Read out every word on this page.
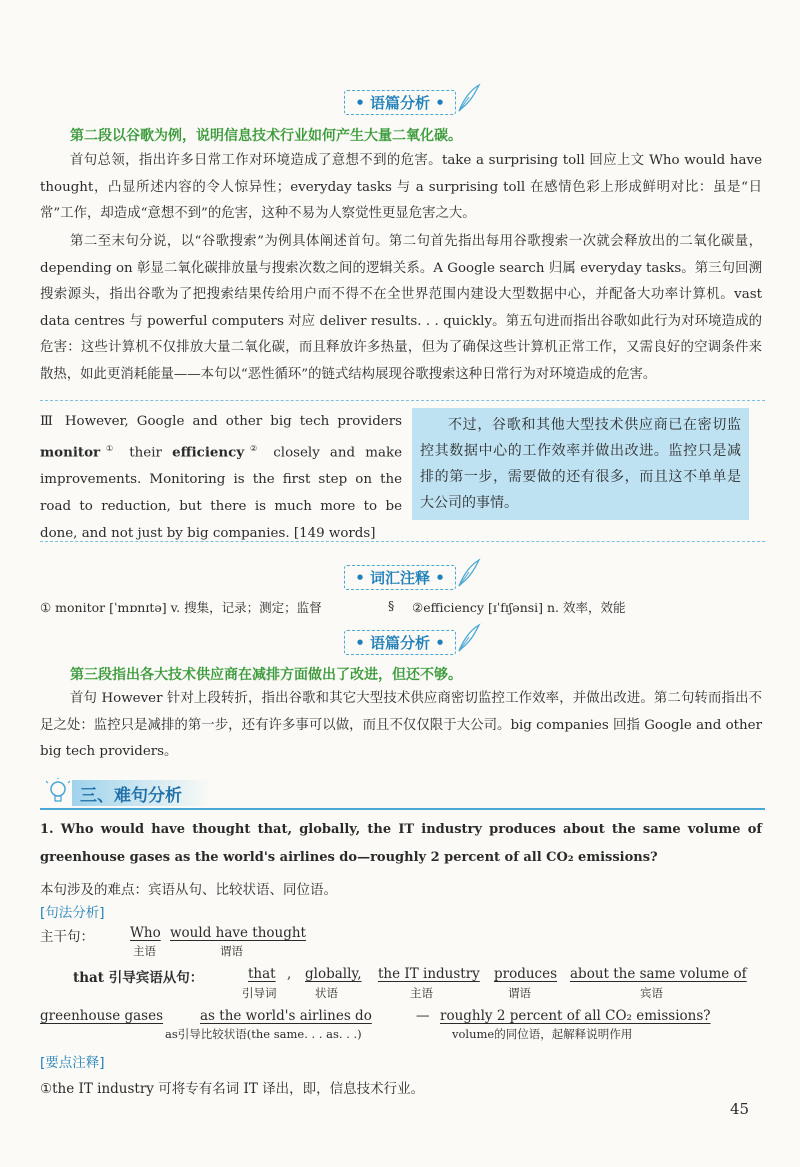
• 语篇分析 •
第二段以谷歌为例，说明信息技术行业如何产生大量二氧化碳。

首句总领，指出许多日常工作对环境造成了意想不到的危害。take a surprising toll 回应上文 Who would have thought，凸显所述内容的令人惊异性；everyday tasks 与 a surprising toll 在感情色彩上形成鲜明对比：虽是“日常”工作，却造成“意想不到”的危害，这种不易为人察觉性更显危害之大。

第二至末句分说，以“谷歌搜索”为例具体阐述首句。第二句首先指出每用谷歌搜索一次就会释放出的二氧化碳量，depending on 彰显二氧化碳排放量与搜索次数之间的逻辑关系。A Google search 归属 everyday tasks。第三句回溯搜索源头，指出谷歌为了把搜索结果传给用户而不得不在全世界范围内建设大型数据中心，并配备大功率计算机。vast data centres 与 powerful computers 对应 deliver results. . . quickly。第五句进而指出谷歌如此行为对环境造成的危害：这些计算机不仅排放大量二氧化碳，而且释放许多热量，但为了确保这些计算机正常工作，又需良好的空调条件来散热，如此更消耗能量——本句以“恶性循环”的链式结构展现谷歌搜索这种日常行为对环境造成的危害。

Ⅲ However, Google and other big tech providers monitor① their efficiency② closely and make improvements. Monitoring is the first step on the road to reduction, but there is much more to be done, and not just by big companies. [149 words]

不过，谷歌和其他大型技术供应商已在密切监控其数据中心的工作效率并做出改进。监控只是减排的第一步，需要做的还有很多，而且这不单单是大公司的事情。
• 词汇注释 •
① monitor [ˈmɒnɪtə] v. 搜集，记录；测定；监督	§ ②efficiency [ɪˈfɪʃənsi] n. 效率，效能
• 语篇分析 •
第三段指出各大技术供应商在减排方面做出了改进，但还不够。

首句 However 针对上段转折，指出谷歌和其它大型技术供应商密切监控工作效率，并做出改进。第二句转而指出不足之处：监控只是减排的第一步，还有许多事可以做，而且不仅仅限于大公司。big companies 回指 Google and other big tech providers。

三、难句分析

1. Who would have thought that, globally, the IT industry produces about the same volume of greenhouse gases as the world's airlines do—roughly 2 percent of all CO₂ emissions?

本句涉及的难点：宾语从句、比较状语、同位语。
[句法分析]
主干句：	Who
主语
would have thought
谓语
that 引导宾语从句：	that
引导词
, globally,
状语
the IT industry
主语
produces
谓语
about the same volume of
宾语
greenhouse gases	as the world's airlines do
as引导比较状语(the same. . . as. . .)
— roughly 2 percent of all CO₂ emissions?
volume的同位语，起解释说明作用
[要点注释]
①the IT industry 可将专有名词 IT 译出，即，信息技术行业。
45
